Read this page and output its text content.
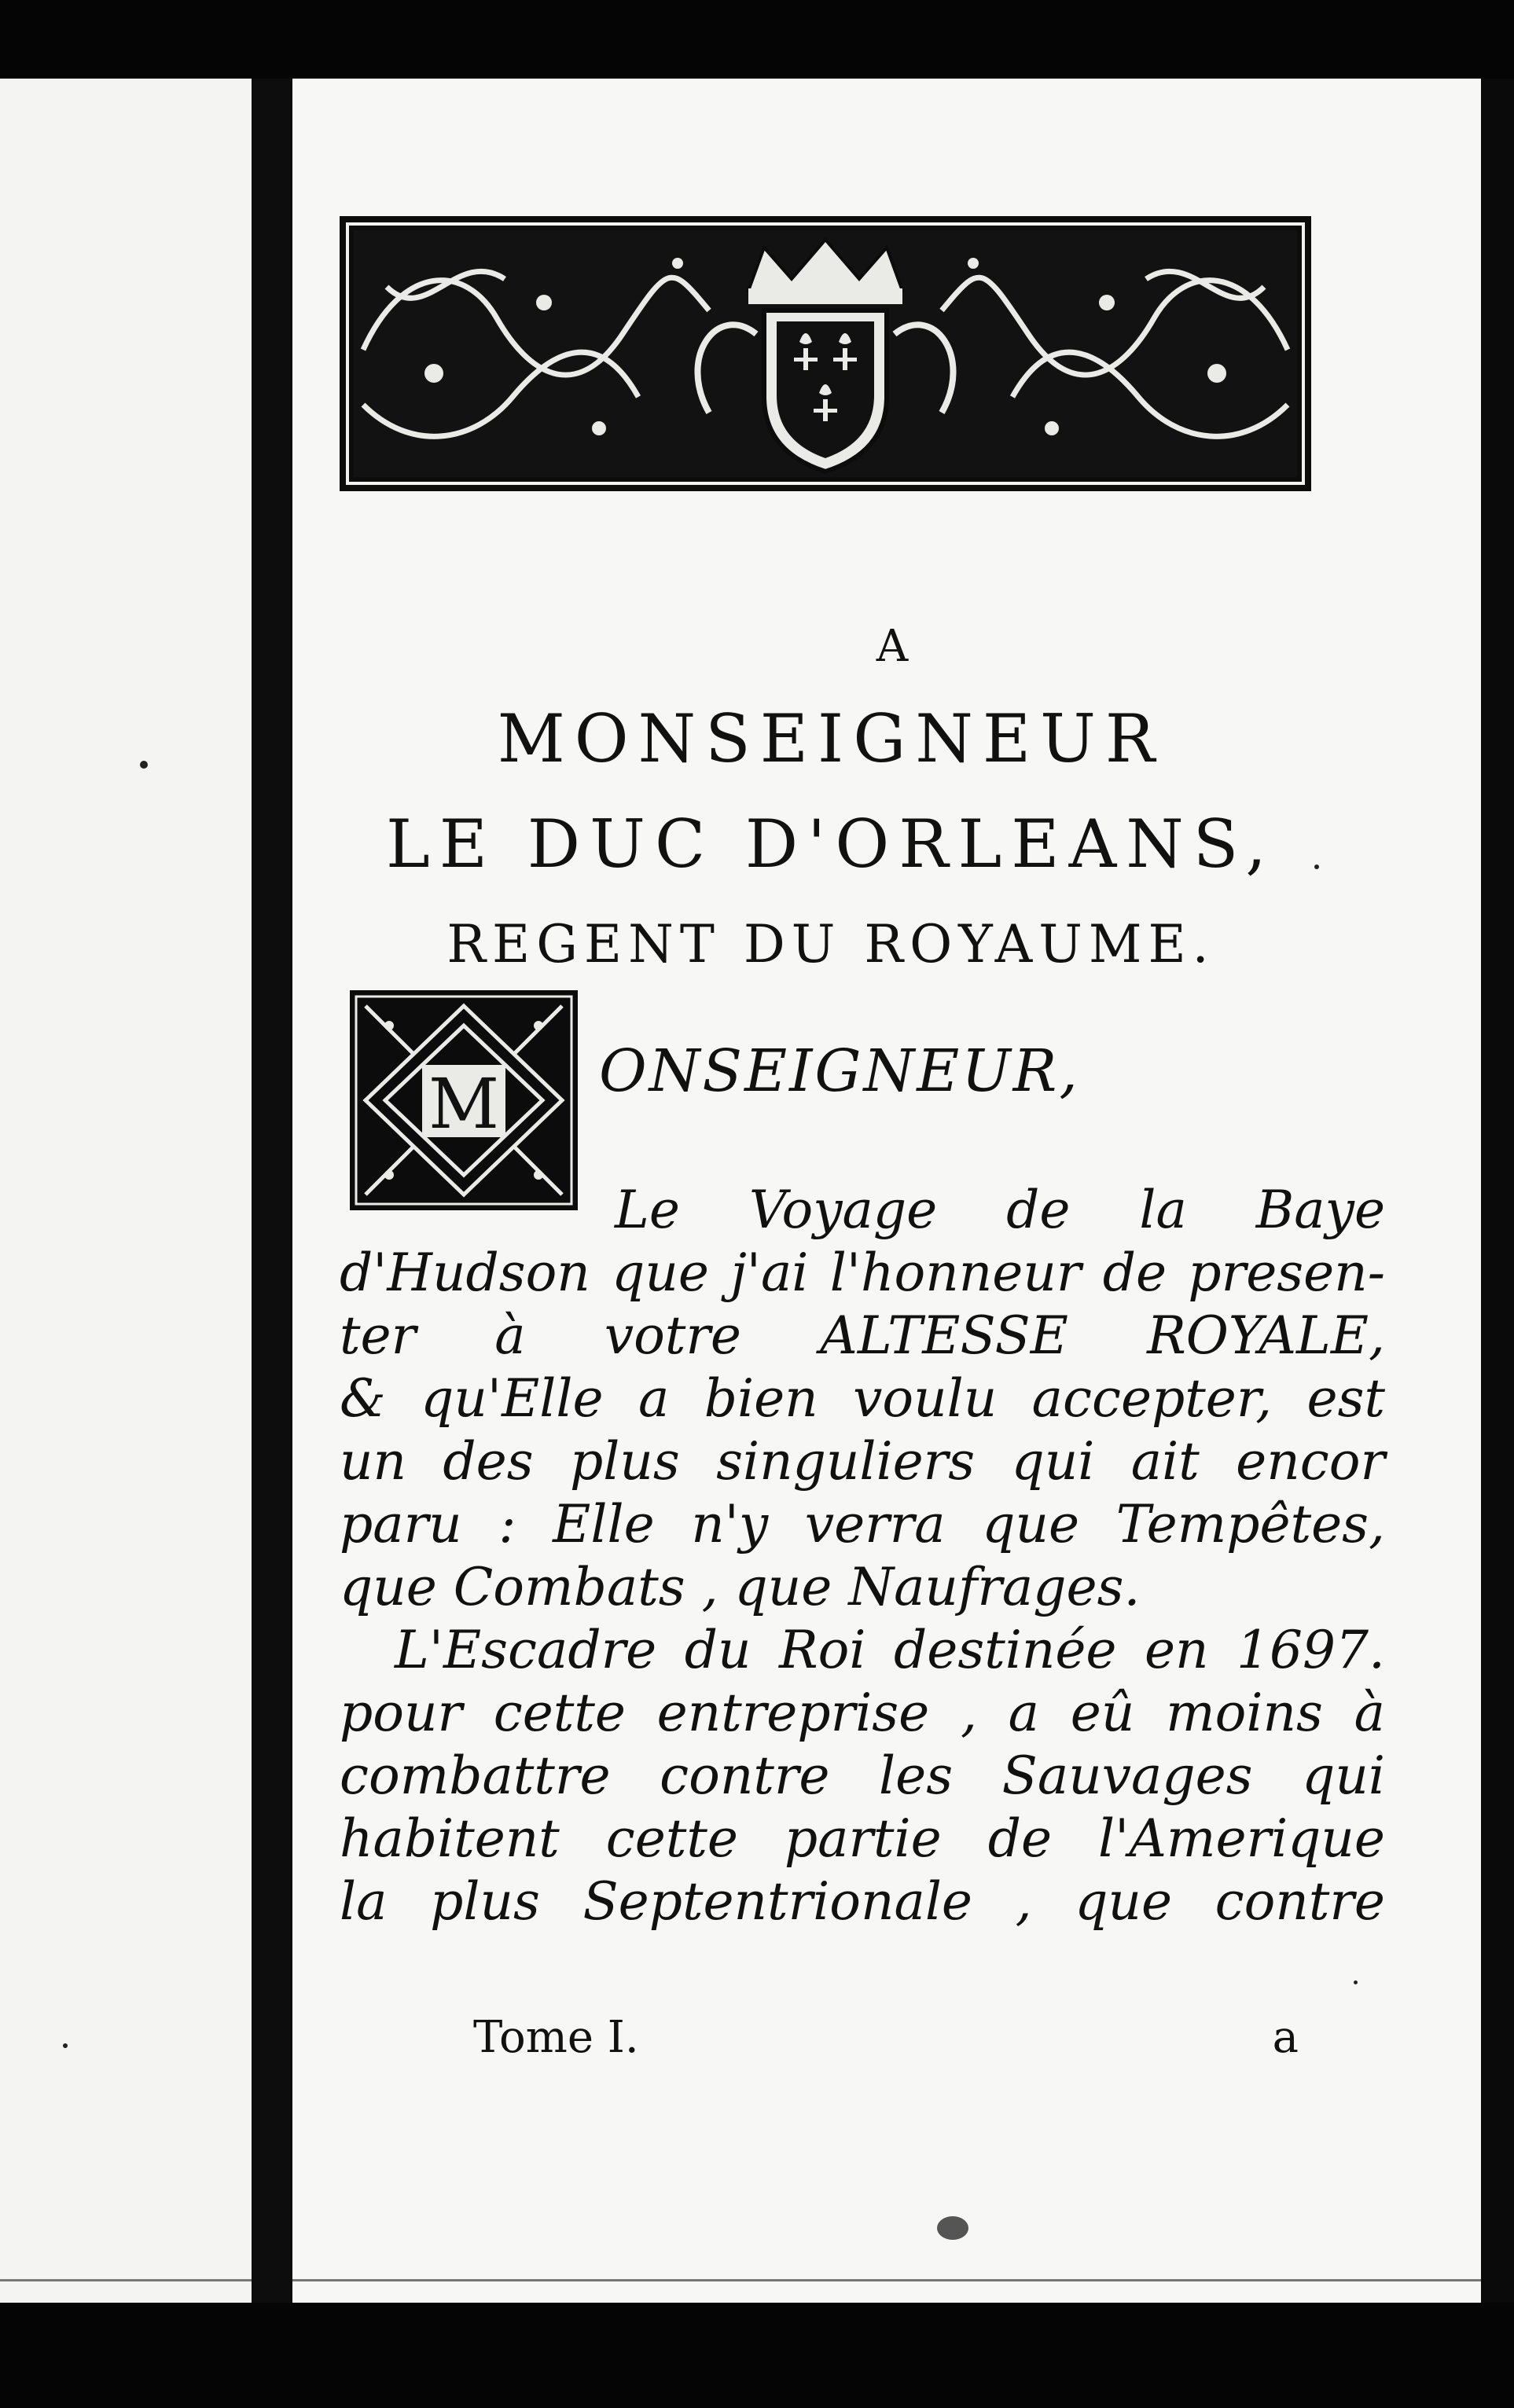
A
MONSEIGNEUR
LE DUC D'ORLEANS,
REGENT DU ROYAUME.
M ONSEIGNEUR,
Le Voyage de la Baye
d'Hudson que j'ai l'honneur de presen-
ter à votre ALTESSE ROYALE,
& qu'Elle a bien voulu accepter, est
un des plus singuliers qui ait encor
paru : Elle n'y verra que Tempêtes,
que Combats , que Naufrages.
L'Escadre du Roi destinée en 1697.
pour cette entreprise , a eû moins à
combattre contre les Sauvages qui
habitent cette partie de l'Amerique
la plus Septentrionale , que contre
Tome I.	a
